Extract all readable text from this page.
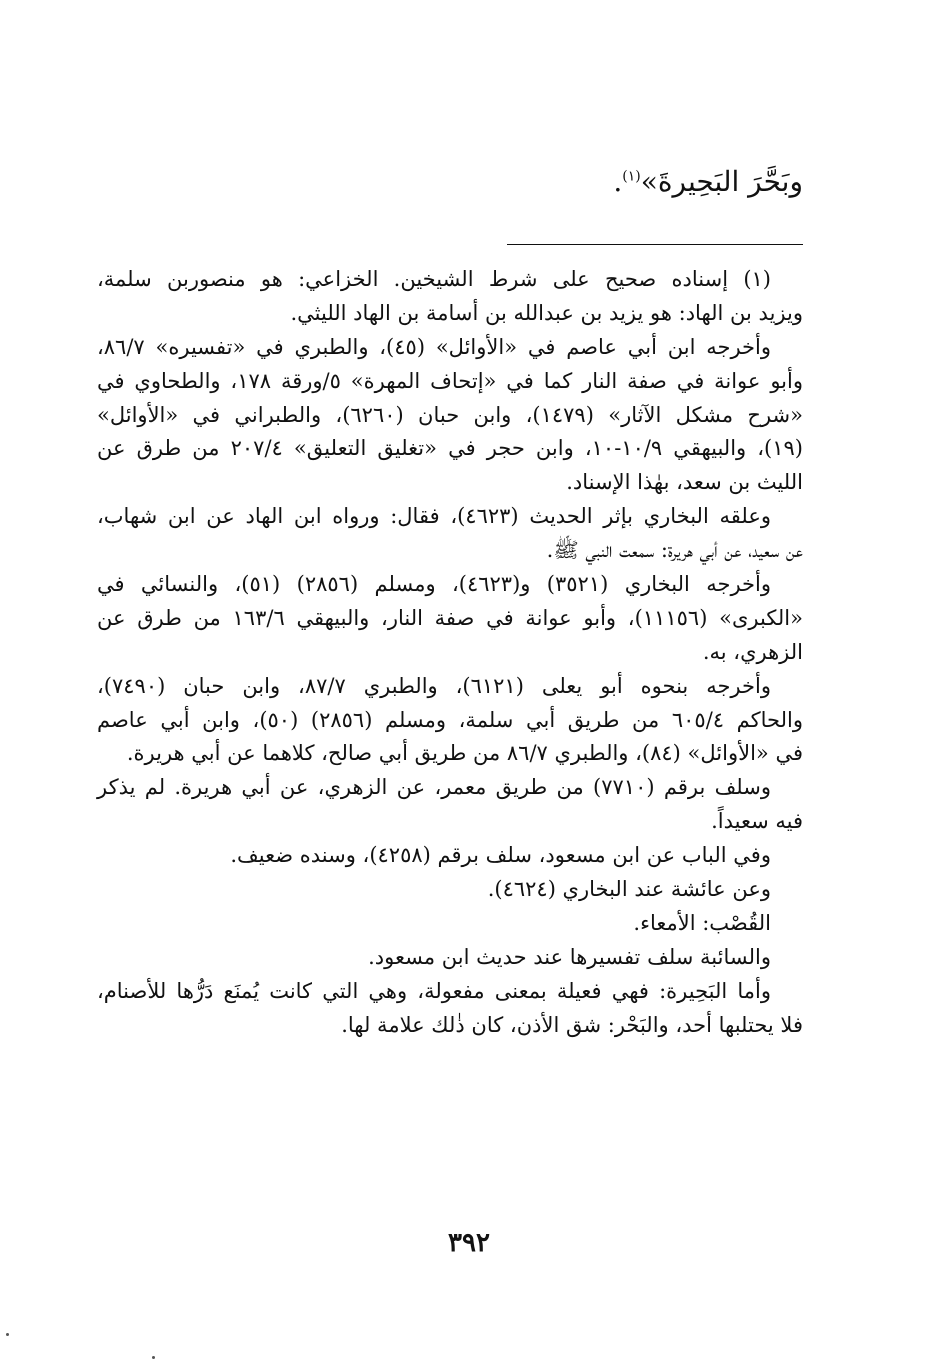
وبَحَّرَ البَحِيرةَ»$^{(١)}$.
(١) إسناده صحيح على شرط الشيخين. الخزاعي: هو منصوربن سلمة،
ويزيد بن الهاد: هو يزيد بن عبدالله بن أسامة بن الهاد الليثي.
وأخرجه ابن أبي عاصم في «الأوائل» (٤٥)، والطبري في «تفسيره» ٨٦/٧،
وأبو عوانة في صفة النار كما في «إتحاف المهرة» ٥/ورقة ١٧٨، والطحاوي في
«شرح مشكل الآثار» (١٤٧٩)، وابن حبان (٦٢٦٠)، والطبراني في «الأوائل»
(١٩)، والبيهقي ١٠/٩-١٠، وابن حجر في «تغليق التعليق» ٢٠٧/٤ من طرق عن
الليث بن سعد، بهٰذا الإسناد.
وعلقه البخاري بإثر الحديث (٤٦٢٣)، فقال: ورواه ابن الهاد عن ابن شهاب،
عن سعيد، عن أبي هريرة: سمعت النبي ﷺ.
وأخرجه البخاري (٣٥٢١) و(٤٦٢٣)، ومسلم (٢٨٥٦) (٥١)، والنسائي في
«الكبرى» (١١١٥٦)، وأبو عوانة في صفة النار، والبيهقي ١٦٣/٦ من طرق عن
الزهري، به.
وأخرجه بنحوه أبو يعلى (٦١٢١)، والطبري ٨٧/٧، وابن حبان (٧٤٩٠)،
والحاكم ٦٠٥/٤ من طريق أبي سلمة، ومسلم (٢٨٥٦) (٥٠)، وابن أبي عاصم
في «الأوائل» (٨٤)، والطبري ٨٦/٧ من طريق أبي صالح، كلاهما عن أبي هريرة.
وسلف برقم (٧٧١٠) من طريق معمر، عن الزهري، عن أبي هريرة. لم يذكر
فيه سعيداً.
وفي الباب عن ابن مسعود، سلف برقم (٤٢٥٨)، وسنده ضعيف.
وعن عائشة عند البخاري (٤٦٢٤).
القُصْب: الأمعاء.
والسائبة سلف تفسيرها عند حديث ابن مسعود.
وأما البَحِيرة: فهي فعيلة بمعنى مفعولة، وهي التي كانت يُمنَع دَرُّها للأصنام،
فلا يحتلبها أحد، والبَحْر: شق الأذن، كان ذٰلك علامة لها.
٣٩٢
